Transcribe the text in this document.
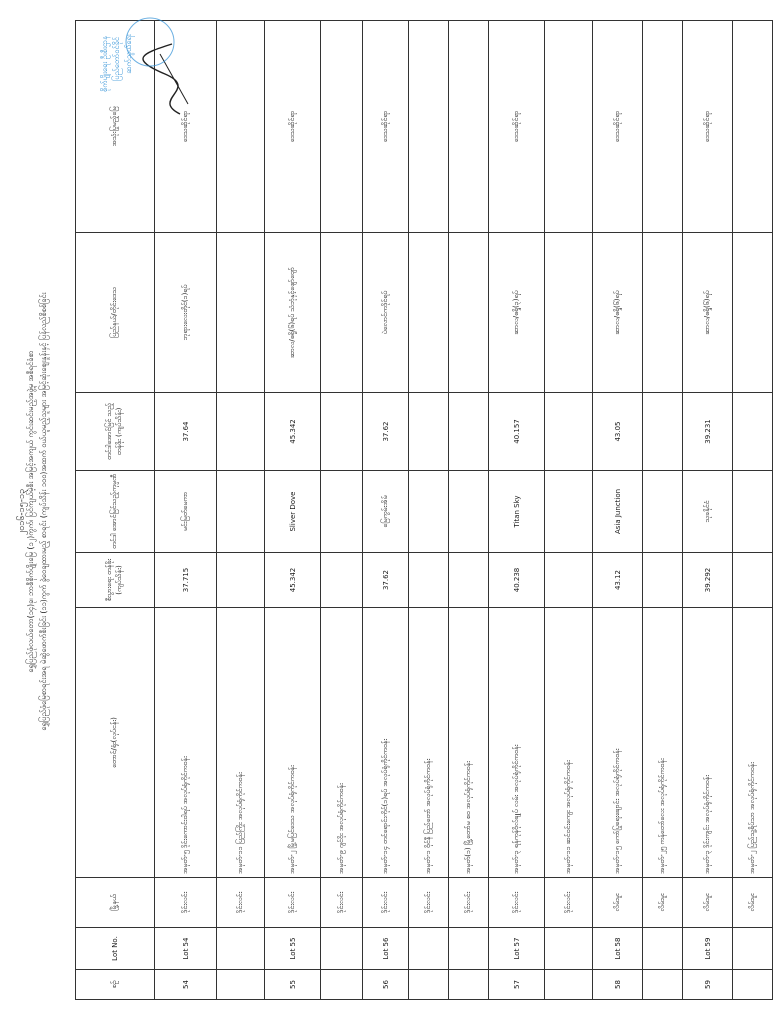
၂၀၁၆-၁၅-၁၃ ရွှေပြည်ဖုံလယ်တော(၁၄)ခု၊ ဘာစီစိုက်ပျိုးမြေ (၁၂)ကွက်၊ ပြင်ကျယ်မဲ့စီး အမြင့်အကျယ် ကွင်းဆင်းမည့်အဖွဲ့မှ အစီရင်ခံစာ ရွှေပြည်ဖုံမြေစာရင်းအရ မဲဆွဲဖောက်စီးခြင်း (၁၁)ကွက် ခွဲဝေချထားမည့် စာရင်း (ကျပ်သိန်း ၁၀၀)အထက် ဝယ်ယူမည့်သူများ အမြင့်ဆုံးဈေးနှုန်းနှင့် ပြန်လည်စိစစ်ခြင်း
စဉ်	Lot No.	မြို့နယ်	တောင်/ရုံး(လုပ်ငန်း)	စီးပွားရေး တန်ဖိုး (ကျပ်သိန်း)	တင်ဒါ အောင်မြင်သည့်ကုမ္ပဏီ	တင်ဒါအောင်မြင် သည့်တန်ဖိုး (ကျပ်သိန်း)	ပြည်နယ်/တိုင်းဒေသ	အသုံးပြုမည့်မြေ
54	Lot 54	ဒိုင်းလင်း	အမှတ်-၅ ဒိုင်းကောင်းဝါရပ် အလုပ်ရုံကိုင်ကဝန်း	37.715	မင်းမြတ်မေကာ	37.64	ဘုရားလေးတိုင်(၁)ရပ်	ဒေသဆိုင်ရာ
		ဒိုင်းလင်း	အမှတ်-၁၁ ပြည်ကြိုး အလုပ်ရုံကိုင်ကဝန်း					
55	Lot 55	ဒိုင်းလင်း	အမှတ်-၂ မြို့မပြင်ဒေသ အလုပ်ရုံကိုင်ကဝန်း	45.342	Sliver Dove	45.342	ဆာလ/ဓရှို(၆)ရပ် သံဘုံနှင့်ဖျော်ဗျော်	ဒေသဆိုင်ရာ
		ဒိုင်းလင်း	အမှတ်-၉ ဂျင်ဝိုး အလုပ်ရုံကိုင်ကဝန်း					
56	Lot 56	ဒိုင်းလင်း	အမှတ်-၁၄ တင်ရောင်းကိုင်(၁)ရပ် အလုပ်ရုံကိုင်ကဝန်း	37.62	မြေကွမ်းအိမ်	37.62	ပဲလောင်ကဒိုင်ရပ်	ဒေသဆိုင်ရာ
		ဒိုင်းလင်း	အမှတ်-၁ ဗိုင်နီ ပြည်တော် အလုပ်ရုံကိုင်ကဝန်း					
		ဒိုင်းလင်း	အမှတ်(၁) မြို့တော်မ စဝ အလုပ်ရုံကိုင်ကဝန်း					
57	Lot 57	ဒိုင်းလင်း	အမှတ်-၃ ရန်ကုန်ဗိုလ်ချုပ် လမ်း အလုပ်ရုံကိုင်ကဝန်း	40.238	Titan Sky	40.157	ဆာလ/ဓရှို(၃)ရပ်	ဒေသဆိုင်ရာ
		ဒိုင်းလင်း	အမှတ်-၁၁ ဆင်ဝင်းကျေး အလုပ်ရုံကိုင်ကဝန်း					
58	Lot 58	လိမ်းမူး	အမှတ်-၁၅ ကော်ပြုရေးချောင်း အလုပ်ရုံကိုင်ကဝန်း	43.12	Asia Junction	43.05	ဆာလ/ဓရှို(၆)ရပ်	ဒေသဆိုင်ရာ
		လိမ်းမူး	အမှတ်-၂၅ ကန်တော်လေး အလုပ်ရုံကိုင်ကဝန်း					
59	Lot 59	လိမ်းမူး	အမှတ်-၃ ဒိုင်းကျင်း အလုပ်ရုံကိုင်ကဝန်း	39.292	သုခနိုင်ငံ	39.231	ဆာလ/ဓရှို(၆)ရပ်	ဒေသဆိုင်ရာ
		လိမ်းမူး	အမှတ်-၂ ပြည်သူ့ရိပ်သာ အလုပ်ရုံကိုင်ကဝန်း					
စိုက်ပျိုးရေး ဦးစီးဌာန ပြည်တော်ဝင်ခိုင် ဆက်သွယ်ရေး
